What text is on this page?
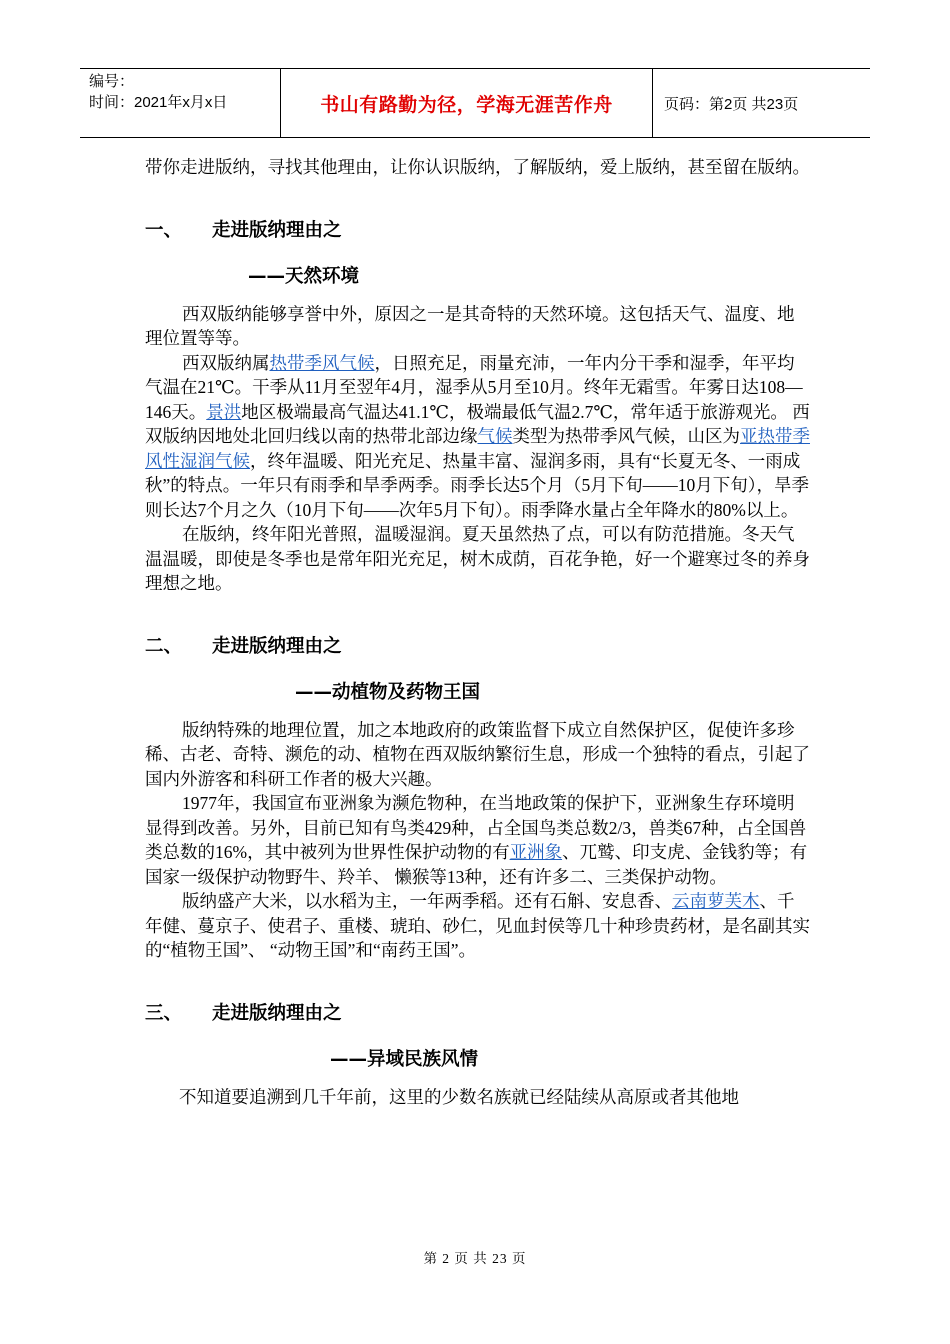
编号：
时间：2021年x月x日	书山有路勤为径，学海无涯苦作舟	页码：第2页 共23页

带你走进版纳，寻找其他理由，让你认识版纳，了解版纳，爱上版纳，甚至留在版纳。

一、	走进版纳理由之
——天然环境

西双版纳能够享誉中外，原因之一是其奇特的天然环境。这包括天气、温度、地理位置等等。

西双版纳属热带季风气候，日照充足，雨量充沛，一年内分干季和湿季，年平均气温在21℃。干季从11月至翌年4月，湿季从5月至10月。终年无霜雪。年雾日达108—146天。景洪地区极端最高气温达41.1℃，极端最低气温2.7℃，常年适于旅游观光。 西双版纳因地处北回归线以南的热带北部边缘气候类型为热带季风气候，山区为亚热带季风性湿润气候，终年温暖、阳光充足、热量丰富、湿润多雨，具有“长夏无冬、一雨成秋”的特点。一年只有雨季和旱季两季。雨季长达5个月（5月下旬——10月下旬），旱季则长达7个月之久（10月下旬——次年5月下旬）。雨季降水量占全年降水的80%以上。

在版纳，终年阳光普照，温暖湿润。夏天虽然热了点，可以有防范措施。冬天气温温暖，即使是冬季也是常年阳光充足，树木成荫，百花争艳，好一个避寒过冬的养身理想之地。

二、	走进版纳理由之
——动植物及药物王国

版纳特殊的地理位置，加之本地政府的政策监督下成立自然保护区，促使许多珍稀、古老、奇特、濒危的动、植物在西双版纳繁衍生息，形成一个独特的看点，引起了国内外游客和科研工作者的极大兴趣。

1977年，我国宣布亚洲象为濒危物种，在当地政策的保护下，亚洲象生存环境明显得到改善。另外，目前已知有鸟类429种，占全国鸟类总数2/3，兽类67种，占全国兽类总数的16%，其中被列为世界性保护动物的有亚洲象、兀鹫、印支虎、金钱豹等；有国家一级保护动物野牛、羚羊、 懒猴等13种，还有许多二、三类保护动物。

版纳盛产大米，以水稻为主，一年两季稻。还有石斛、安息香、云南萝芙木、千年健、蔓京子、使君子、重楼、琥珀、砂仁，见血封侯等几十种珍贵药材，是名副其实的“植物王国”、 “动物王国”和“南药王国”。

三、	走进版纳理由之
——异域民族风情

不知道要追溯到几千年前，这里的少数名族就已经陆续从高原或者其他地

第 2 页 共 23 页
